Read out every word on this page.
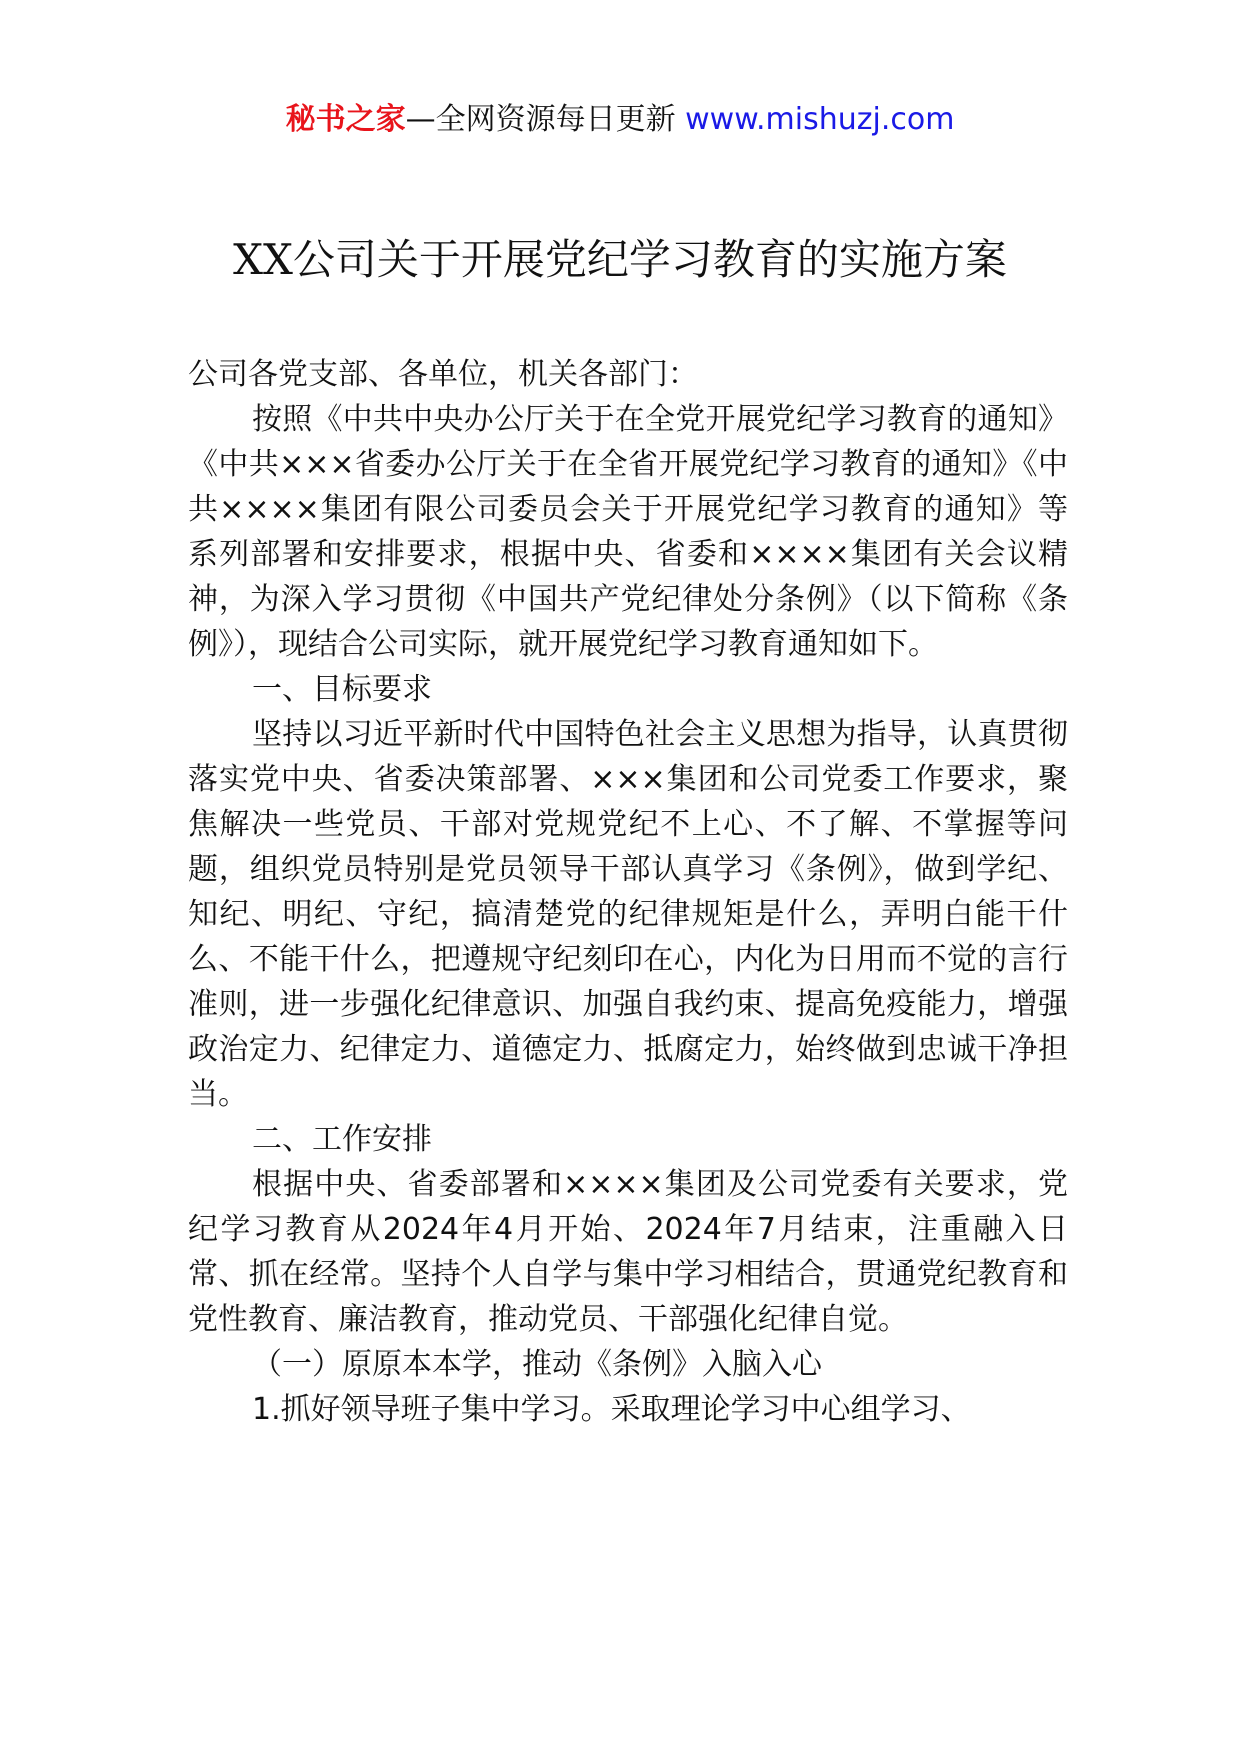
秘书之家—全网资源每日更新 www.mishuzj.com
XX公司关于开展党纪学习教育的实施方案

公司各党支部、各单位，机关各部门：

按照《中共中央办公厅关于在全党开展党纪学习教育的通知》《中共×××省委办公厅关于在全省开展党纪学习教育的通知》《中共××××集团有限公司委员会关于开展党纪学习教育的通知》等系列部署和安排要求，根据中央、省委和××××集团有关会议精神，为深入学习贯彻《中国共产党纪律处分条例》（以下简称《条例》），现结合公司实际，就开展党纪学习教育通知如下。

一、目标要求

坚持以习近平新时代中国特色社会主义思想为指导，认真贯彻落实党中央、省委决策部署、×××集团和公司党委工作要求，聚焦解决一些党员、干部对党规党纪不上心、不了解、不掌握等问题，组织党员特别是党员领导干部认真学习《条例》，做到学纪、知纪、明纪、守纪，搞清楚党的纪律规矩是什么，弄明白能干什么、不能干什么，把遵规守纪刻印在心，内化为日用而不觉的言行准则，进一步强化纪律意识、加强自我约束、提高免疫能力，增强政治定力、纪律定力、道德定力、抵腐定力，始终做到忠诚干净担当。

二、工作安排

根据中央、省委部署和××××集团及公司党委有关要求，党纪学习教育从2024年4月开始、2024年7月结束，注重融入日常、抓在经常。坚持个人自学与集中学习相结合，贯通党纪教育和党性教育、廉洁教育，推动党员、干部强化纪律自觉。

（一）原原本本学，推动《条例》入脑入心

1.抓好领导班子集中学习。采取理论学习中心组学习、
